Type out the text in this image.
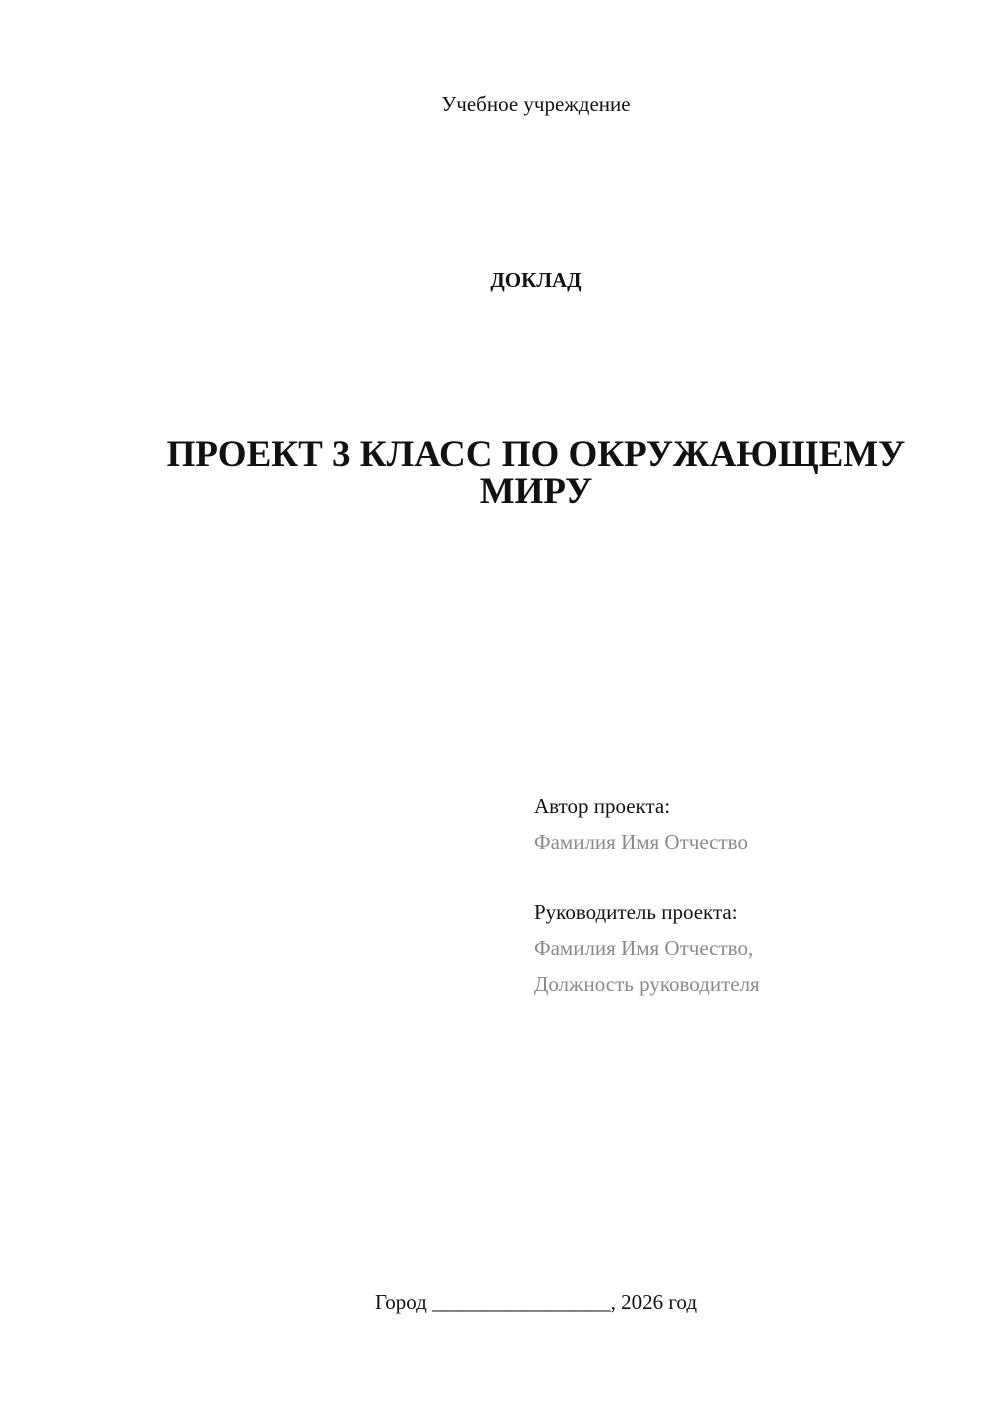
Учебное учреждение
ДОКЛАД
ПРОЕКТ 3 КЛАСС ПО ОКРУЖАЮЩЕМУ
МИРУ
Автор проекта:
Фамилия Имя Отчество
Руководитель проекта:
Фамилия Имя Отчество,
Должность руководителя
Город _________________, 2026 год
